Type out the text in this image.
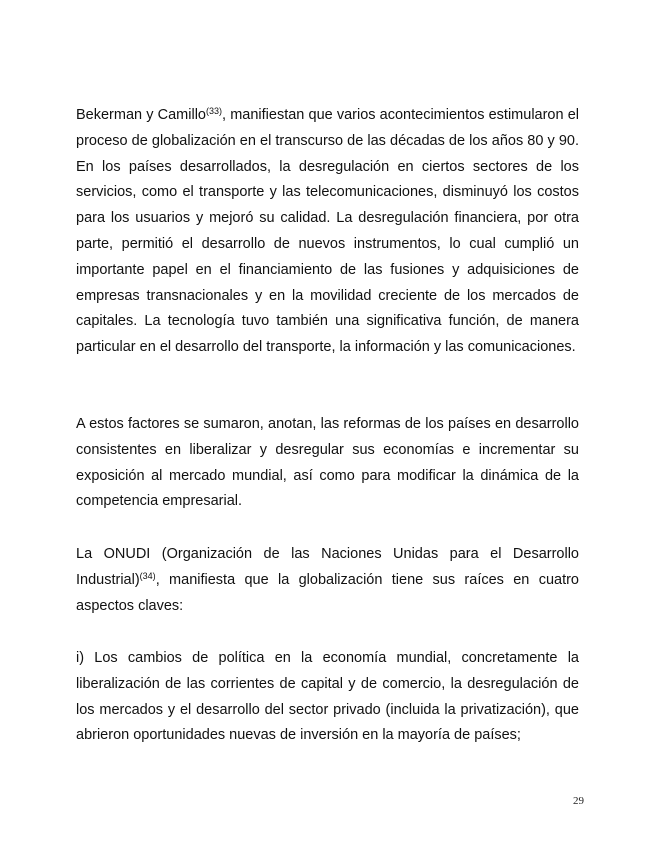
Bekerman y Camillo$^{(33)}$, manifiestan que varios acontecimientos estimularon el proceso de globalización en el transcurso de las décadas de los años 80 y 90. En los países desarrollados, la desregulación en ciertos sectores de los servicios, como el transporte y las telecomunicaciones, disminuyó los costos para los usuarios y mejoró su calidad. La desregulación financiera, por otra parte, permitió el desarrollo de nuevos instrumentos, lo cual cumplió un importante papel en el financiamiento de las fusiones y adquisiciones de empresas transnacionales y en la movilidad creciente de los mercados de capitales. La tecnología tuvo también una significativa función, de manera particular en el desarrollo del transporte, la información y las comunicaciones.

A estos factores se sumaron, anotan, las reformas de los países en desarrollo consistentes en liberalizar y desregular sus economías e incrementar su exposición al mercado mundial, así como para modificar la dinámica de la competencia empresarial.

La ONUDI (Organización de las Naciones Unidas para el Desarrollo Industrial)$^{(34)}$, manifiesta que la globalización tiene sus raíces en cuatro aspectos claves:

i) Los cambios de política en la economía mundial, concretamente la liberalización de las corrientes de capital y de comercio, la desregulación de los mercados y el desarrollo del sector privado (incluida la privatización), que abrieron oportunidades nuevas de inversión en la mayoría de países;

29
